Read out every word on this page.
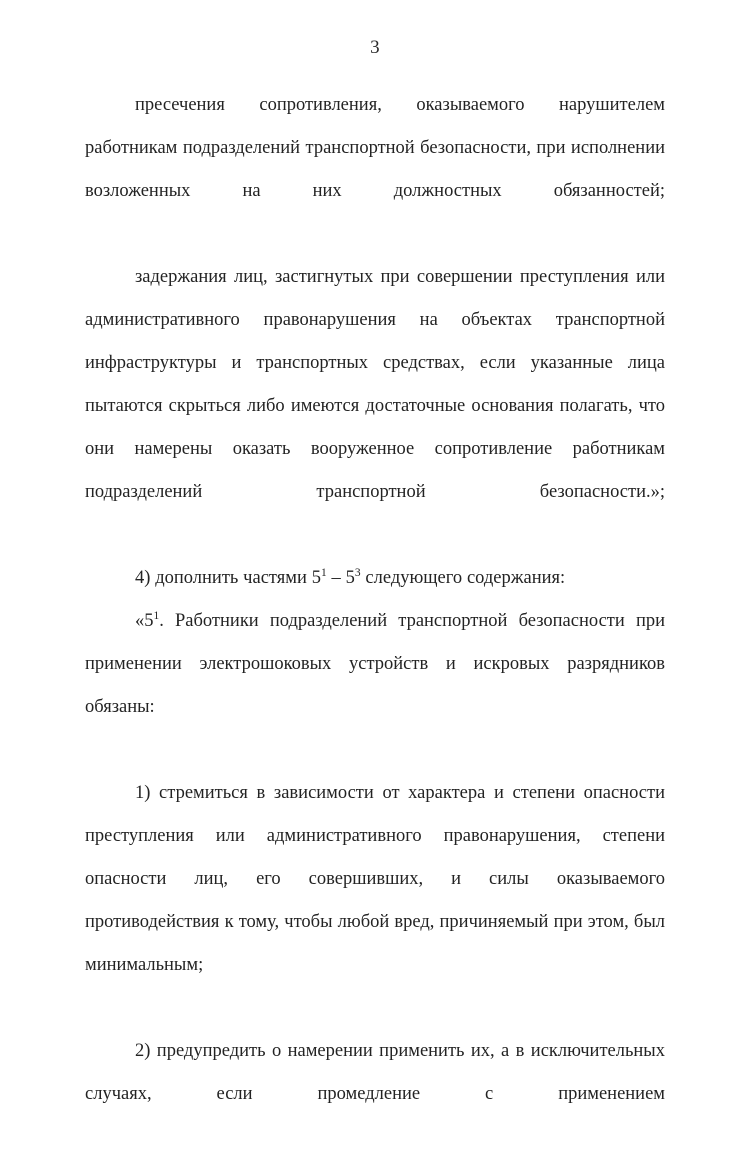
3

пресечения сопротивления, оказываемого нарушителем работникам подразделений транспортной безопасности, при исполнении возложенных на них должностных обязанностей;

задержания лиц, застигнутых при совершении преступления или административного правонарушения на объектах транспортной инфраструктуры и транспортных средствах, если указанные лица пытаются скрыться либо имеются достаточные основания полагать, что они намерены оказать вооруженное сопротивление работникам подразделений транспортной безопасности.»;

4) дополнить частями $5^1 - 5^3$ следующего содержания:

«$5^1$. Работники подразделений транспортной безопасности при применении электрошоковых устройств и искровых разрядников обязаны:

1) стремиться в зависимости от характера и степени опасности преступления или административного правонарушения, степени опасности лиц, его совершивших, и силы оказываемого противодействия к тому, чтобы любой вред, причиняемый при этом, был минимальным;

2) предупредить о намерении применить их, а в исключительных случаях, если промедление с применением
